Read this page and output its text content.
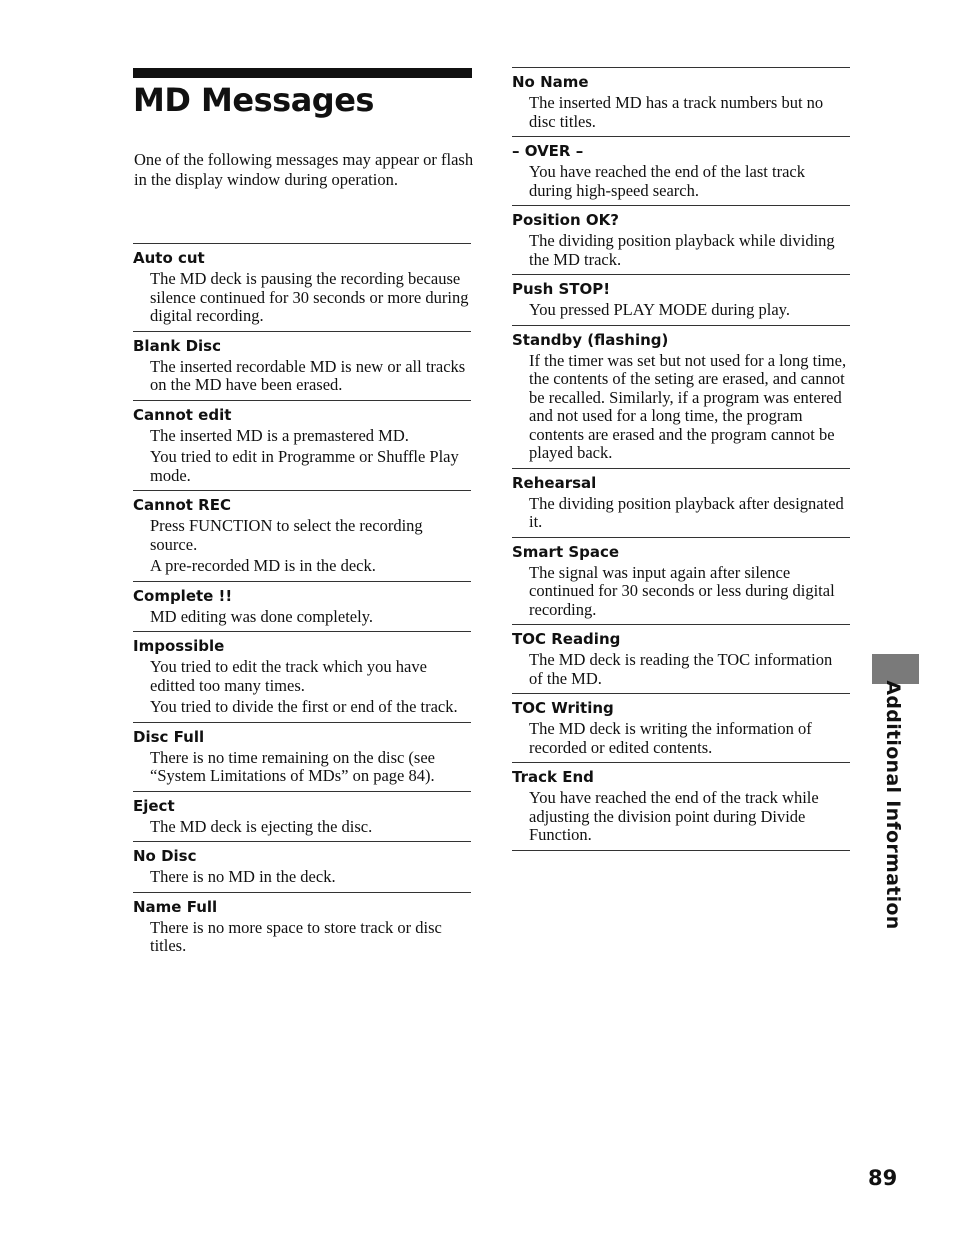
MD Messages

One of the following messages may appear or flash in the display window during operation.

Auto cut

The MD deck is pausing the recording because silence continued for 30 seconds or more during digital recording.

Blank Disc

The inserted recordable MD is new or all tracks on the MD have been erased.

Cannot edit

The inserted MD is a premastered MD.

You tried to edit in Programme or Shuffle Play mode.

Cannot REC

Press FUNCTION to select the recording source.

A pre-recorded MD is in the deck.

Complete !!

MD editing was done completely.

Impossible

You tried to edit the track which you have editted too many times.

You tried to divide the first or end of the track.

Disc Full

There is no time remaining on the disc (see “System Limitations of MDs” on page 84).

Eject

The MD deck is ejecting the disc.

No Disc

There is no MD in the deck.

Name Full

There is no more space to store track or disc titles.

No Name

The inserted MD has a track numbers but no disc titles.

– OVER –

You have reached the end of the last track during high-speed search.

Position OK?

The dividing position playback while dividing the MD track.

Push STOP!

You pressed PLAY MODE during play.

Standby (flashing)

If the timer was set but not used for a long time, the contents of the seting are erased, and cannot be recalled. Similarly, if a program was entered and not used for a long time, the program contents are erased and the program cannot be played back.

Rehearsal

The dividing position playback after designated it.

Smart Space

The signal was input again after silence continued for 30 seconds or less during digital recording.

TOC Reading

The MD deck is reading the TOC information of the MD.

TOC Writing

The MD deck is writing the information of recorded or edited contents.

Track End

You have reached the end of the track while adjusting the division point during Divide Function.	Additional Information
89
